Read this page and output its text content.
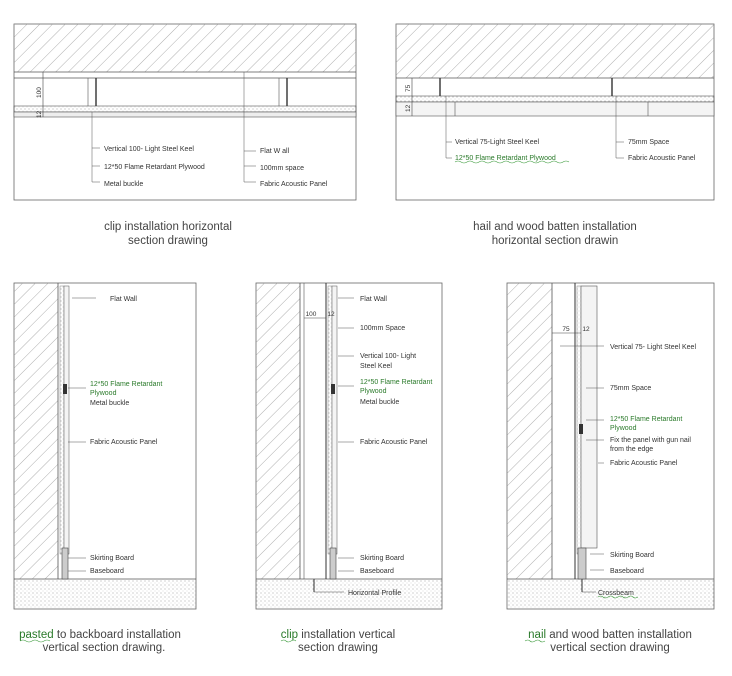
100
12
Vertical 100- Light Steel Keel
12*50 Flame Retardant Plywood
Metal buckle
Flat W all
100mm space
Fabric Acoustic Panel
clip installation horizontal
section drawing
75
12
Vertical 75-Light Steel Keel
12*50 Flame Retardant Plywood
75mm Space
Fabric Acoustic Panel
hail and wood batten installation
horizontal section drawin
Flat Wall
12*50 Flame Retardant
Plywood
Metal buckle
Fabric Acoustic Panel
Skirting Board
Baseboard
pasted to backboard installation
vertical section drawing.
100 12
Flat Wall
100mm Space
Vertical 100- Light
Steel Keel
12*50 Flame Retardant
Plywood
Metal buckle
Fabric Acoustic Panel
Skirting Board
Baseboard
Horizontal Profile
clip installation vertical
section drawing
75 12
Vertical 75- Light Steel Keel
75mm Space
12*50 Flame Retardant
Plywood
Fix the panel with gun nail
from the edge
Fabric Acoustic Panel
Skirting Board
Baseboard
Crossbeam
nail and wood batten installation
vertical section drawing
